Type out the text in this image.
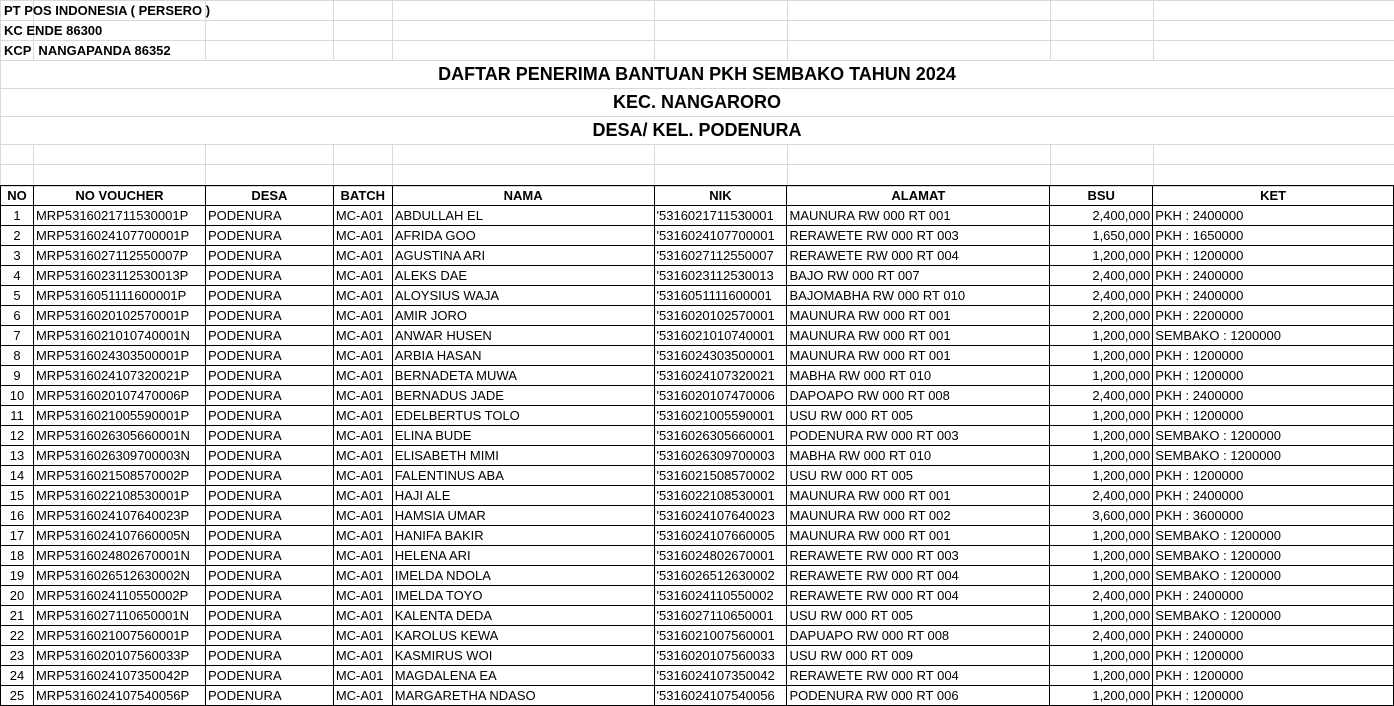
PT POS INDONESIA ( PERSERO )
KC ENDE 86300
KCP  NANGAPANDA 86352
DAFTAR PENERIMA BANTUAN PKH SEMBAKO TAHUN 2024
KEC. NANGARORO
DESA/ KEL. PODENURA
NO	NO VOUCHER	DESA	BATCH	NAMA	NIK	ALAMAT	BSU	KET
1	MRP5316021711530001P	PODENURA	MC-A01	ABDULLAH EL	'5316021711530001	MAUNURA RW 000 RT 001	2,400,000	PKH : 2400000
2	MRP5316024107700001P	PODENURA	MC-A01	AFRIDA GOO	'5316024107700001	RERAWETE RW 000 RT 003	1,650,000	PKH : 1650000
3	MRP5316027112550007P	PODENURA	MC-A01	AGUSTINA ARI	'5316027112550007	RERAWETE RW 000 RT 004	1,200,000	PKH : 1200000
4	MRP5316023112530013P	PODENURA	MC-A01	ALEKS DAE	'5316023112530013	BAJO RW 000 RT 007	2,400,000	PKH : 2400000
5	MRP5316051111600001P	PODENURA	MC-A01	ALOYSIUS WAJA	'5316051111600001	BAJOMABHA RW 000 RT 010	2,400,000	PKH : 2400000
6	MRP5316020102570001P	PODENURA	MC-A01	AMIR JORO	'5316020102570001	MAUNURA RW 000 RT 001	2,200,000	PKH : 2200000
7	MRP5316021010740001N	PODENURA	MC-A01	ANWAR HUSEN	'5316021010740001	MAUNURA RW 000 RT 001	1,200,000	SEMBAKO : 1200000
8	MRP5316024303500001P	PODENURA	MC-A01	ARBIA HASAN	'5316024303500001	MAUNURA RW 000 RT 001	1,200,000	PKH : 1200000
9	MRP5316024107320021P	PODENURA	MC-A01	BERNADETA MUWA	'5316024107320021	MABHA RW 000 RT 010	1,200,000	PKH : 1200000
10	MRP5316020107470006P	PODENURA	MC-A01	BERNADUS JADE	'5316020107470006	DAPOAPO RW 000 RT 008	2,400,000	PKH : 2400000
11	MRP5316021005590001P	PODENURA	MC-A01	EDELBERTUS TOLO	'5316021005590001	USU RW 000 RT 005	1,200,000	PKH : 1200000
12	MRP5316026305660001N	PODENURA	MC-A01	ELINA BUDE	'5316026305660001	PODENURA RW 000 RT 003	1,200,000	SEMBAKO : 1200000
13	MRP5316026309700003N	PODENURA	MC-A01	ELISABETH MIMI	'5316026309700003	MABHA RW 000 RT 010	1,200,000	SEMBAKO : 1200000
14	MRP5316021508570002P	PODENURA	MC-A01	FALENTINUS ABA	'5316021508570002	USU RW 000 RT 005	1,200,000	PKH : 1200000
15	MRP5316022108530001P	PODENURA	MC-A01	HAJI ALE	'5316022108530001	MAUNURA RW 000 RT 001	2,400,000	PKH : 2400000
16	MRP5316024107640023P	PODENURA	MC-A01	HAMSIA UMAR	'5316024107640023	MAUNURA RW 000 RT 002	3,600,000	PKH : 3600000
17	MRP5316024107660005N	PODENURA	MC-A01	HANIFA BAKIR	'5316024107660005	MAUNURA RW 000 RT 001	1,200,000	SEMBAKO : 1200000
18	MRP5316024802670001N	PODENURA	MC-A01	HELENA ARI	'5316024802670001	RERAWETE RW 000 RT 003	1,200,000	SEMBAKO : 1200000
19	MRP5316026512630002N	PODENURA	MC-A01	IMELDA NDOLA	'5316026512630002	RERAWETE RW 000 RT 004	1,200,000	SEMBAKO : 1200000
20	MRP5316024110550002P	PODENURA	MC-A01	IMELDA TOYO	'5316024110550002	RERAWETE RW 000 RT 004	2,400,000	PKH : 2400000
21	MRP5316027110650001N	PODENURA	MC-A01	KALENTA DEDA	'5316027110650001	USU RW 000 RT 005	1,200,000	SEMBAKO : 1200000
22	MRP5316021007560001P	PODENURA	MC-A01	KAROLUS KEWA	'5316021007560001	DAPUAPO RW 000 RT 008	2,400,000	PKH : 2400000
23	MRP5316020107560033P	PODENURA	MC-A01	KASMIRUS WOI	'5316020107560033	USU RW 000 RT 009	1,200,000	PKH : 1200000
24	MRP5316024107350042P	PODENURA	MC-A01	MAGDALENA EA	'5316024107350042	RERAWETE RW 000 RT 004	1,200,000	PKH : 1200000
25	MRP5316024107540056P	PODENURA	MC-A01	MARGARETHA NDASO	'5316024107540056	PODENURA RW 000 RT 006	1,200,000	PKH : 1200000
